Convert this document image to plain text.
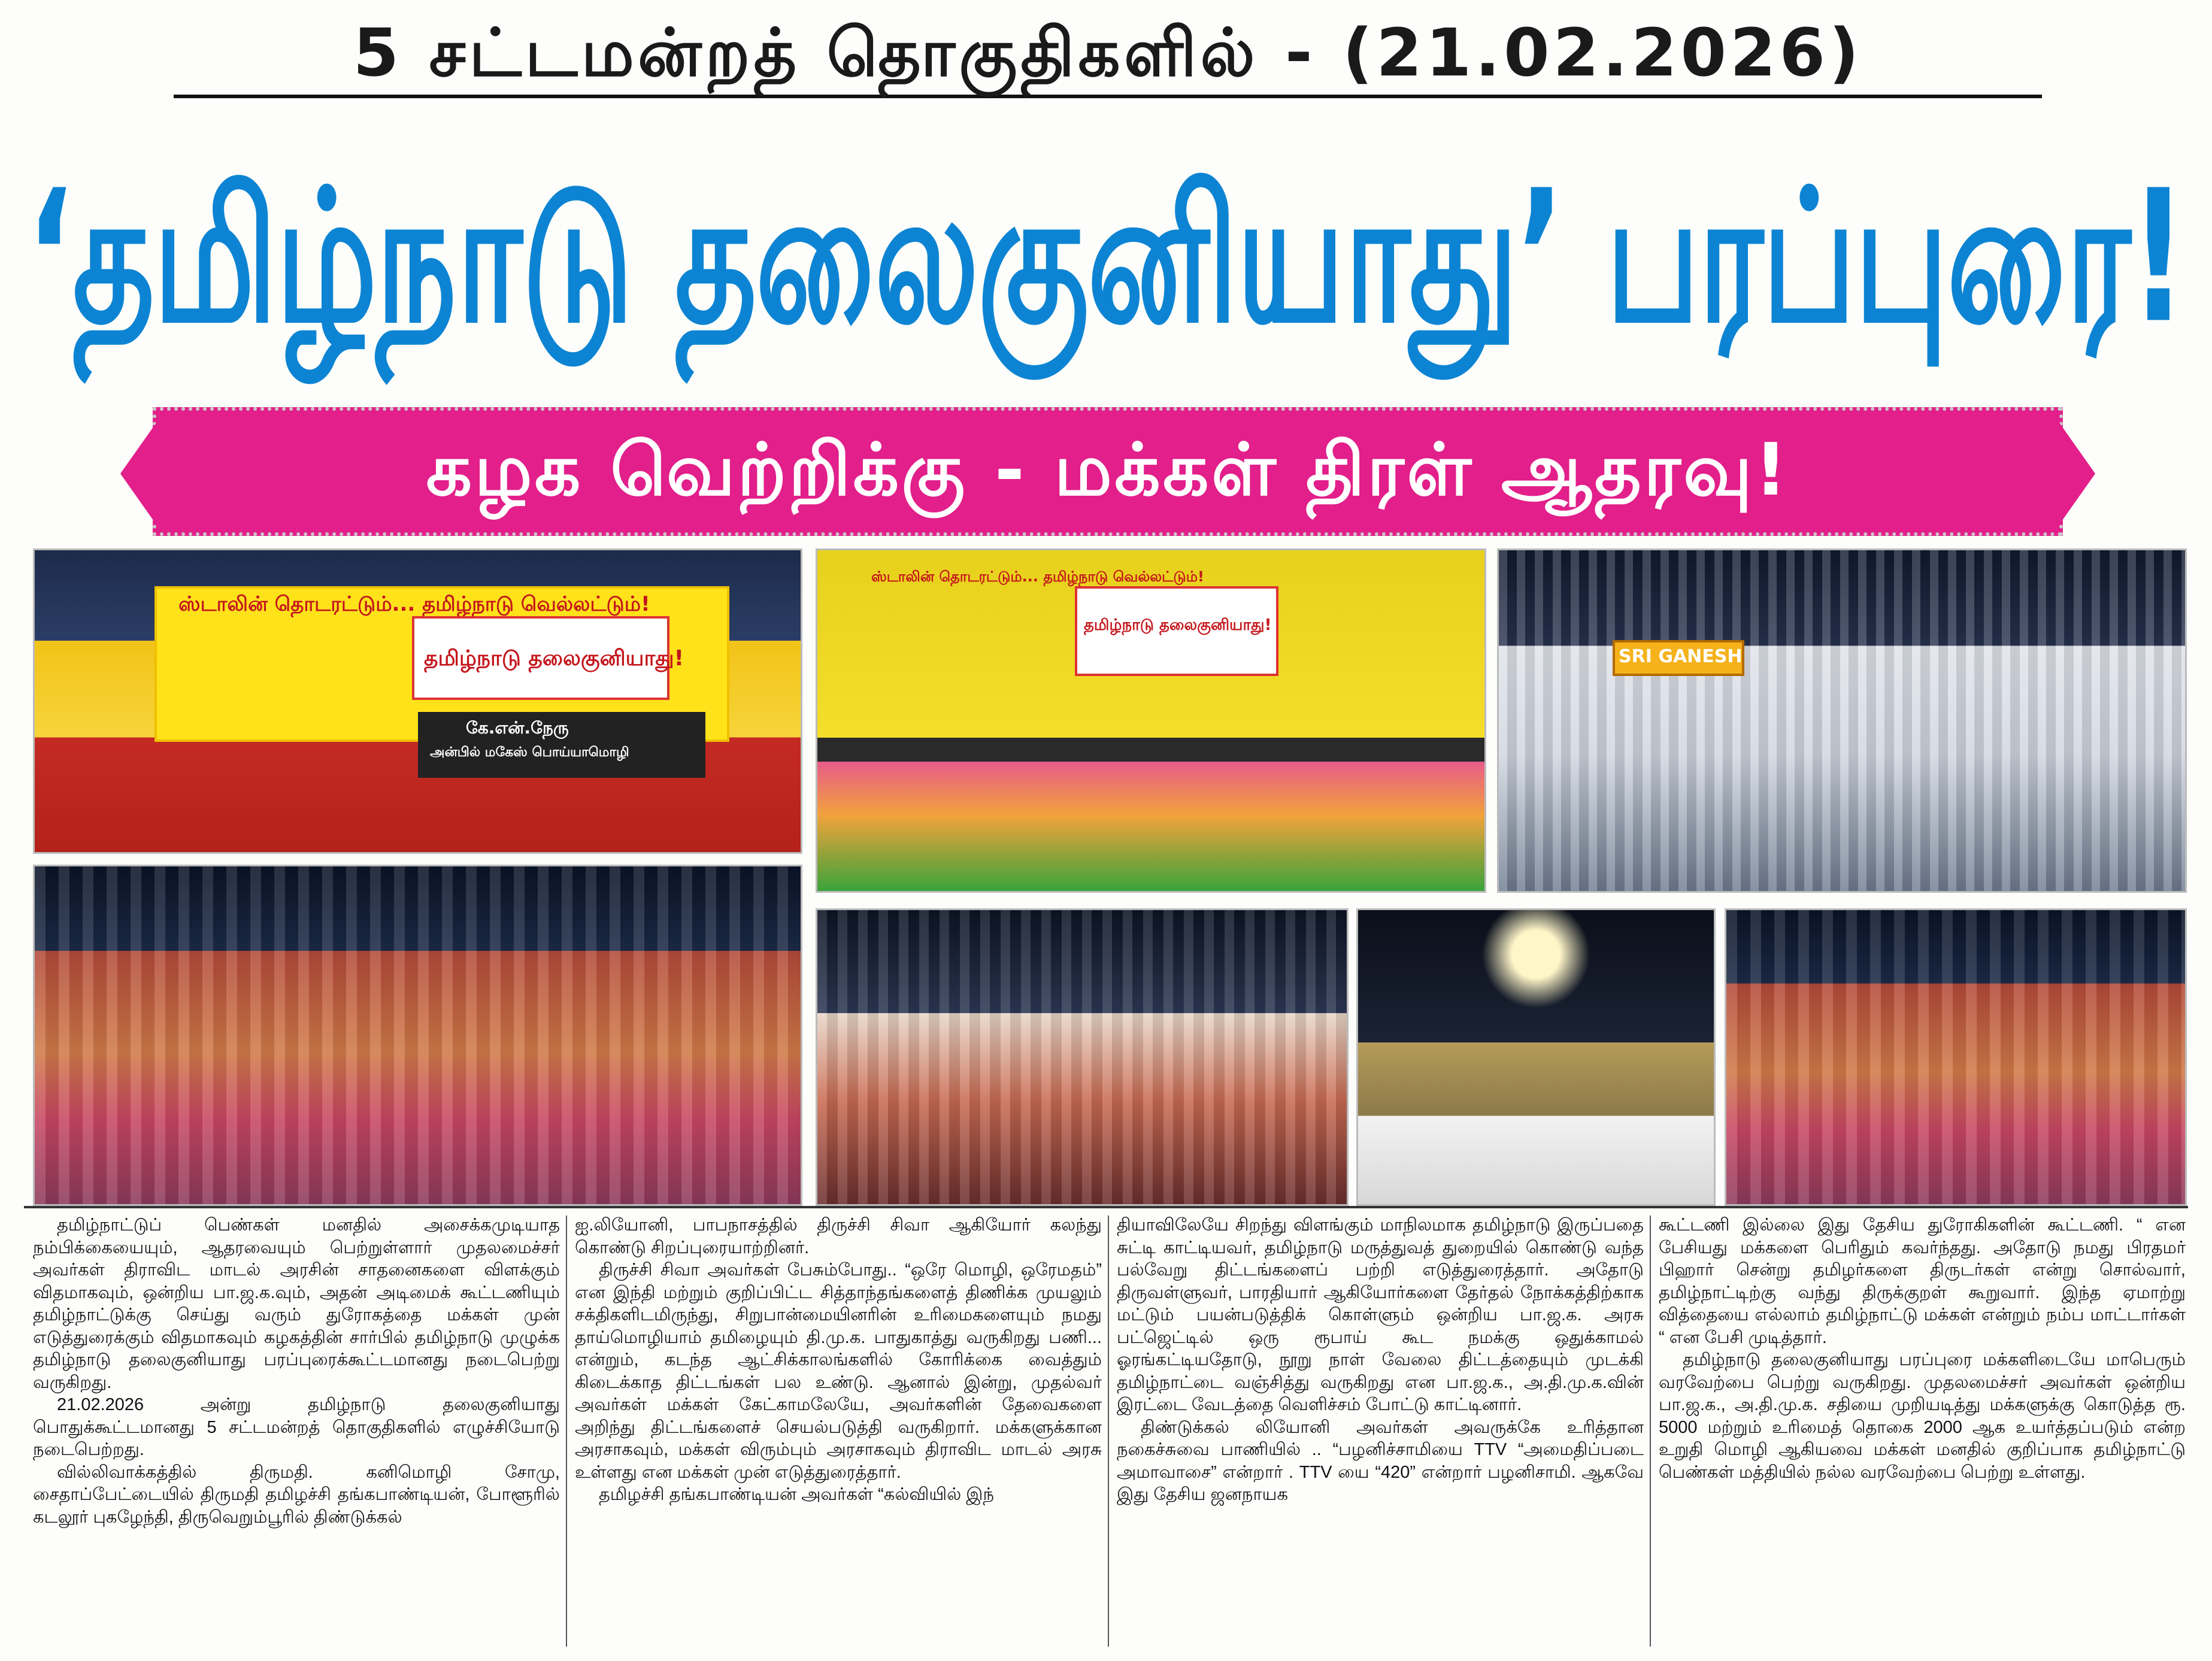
5 சட்டமன்றத் தொகுதிகளில் - (21.02.2026)
‘தமிழ்நாடு தலைகுனியாது’ பரப்புரை!
கழக வெற்றிக்கு - மக்கள் திரள் ஆதரவு!
ஸ்டாலின் தொடரட்டும்... தமிழ்நாடு வெல்லட்டும்!
தமிழ்நாடு தலைகுனியாது!
கே.என்.நேரு
அன்பில் மகேஸ் பொய்யாமொழி
ஸ்டாலின் தொடரட்டும்... தமிழ்நாடு வெல்லட்டும்!
தமிழ்நாடு தலைகுனியாது!
SRI GANESH

தமிழ்நாட்டுப் பெண்கள் மனதில் அசைக்கமுடியாத நம்பிக்கையையும், ஆதரவையும் பெற்றுள்ளார் முதலமைச்சர் அவர்கள் திராவிட மாடல் அரசின் சாதனைகளை விளக்கும் விதமாகவும், ஒன்றிய பா.ஜ.க.வும், அதன் அடிமைக் கூட்டணியும் தமிழ்நாட்டுக்கு செய்து வரும் துரோகத்தை மக்கள் முன் எடுத்துரைக்கும் விதமாகவும் கழகத்தின் சார்பில் தமிழ்நாடு முழுக்க தமிழ்நாடு தலைகுனியாது பரப்புரைக்கூட்டமானது நடைபெற்று வருகிறது.

21.02.2026 அன்று தமிழ்நாடு தலைகுனியாது பொதுக்கூட்டமானது 5 சட்டமன்றத் தொகுதிகளில் எழுச்சியோடு நடைபெற்றது.

வில்லிவாக்கத்தில் திருமதி. கனிமொழி சோமு, சைதாப்பேட்டையில் திருமதி தமிழச்சி தங்கபாண்டியன், போளூரில் கடலூர் புகழேந்தி, திருவெறும்பூரில் திண்டுக்கல்

ஐ.லியோனி, பாபநாசத்தில் திருச்சி சிவா ஆகியோர் கலந்து கொண்டு சிறப்புரையாற்றினர்.

திருச்சி சிவா அவர்கள் பேசும்போது.. “ஒரே மொழி, ஒரேமதம்” என இந்தி மற்றும் குறிப்பிட்ட சித்தாந்தங்களைத் திணிக்க முயலும் சக்திகளிடமிருந்து, சிறுபான்மையினரின் உரிமைகளையும் நமது தாய்மொழியாம் தமிழையும் தி.மு.க. பாதுகாத்து வருகிறது பணி... என்றும், கடந்த ஆட்சிக்காலங்களில் கோரிக்கை வைத்தும் கிடைக்காத திட்டங்கள் பல உண்டு. ஆனால் இன்று, முதல்வர் அவர்கள் மக்கள் கேட்காமலேயே, அவர்களின் தேவைகளை அறிந்து திட்டங்களைச் செயல்படுத்தி வருகிறார். மக்களுக்கான அரசாகவும், மக்கள் விரும்பும் அரசாகவும் திராவிட மாடல் அரசு உள்ளது என மக்கள் முன் எடுத்துரைத்தார்.

தமிழச்சி தங்கபாண்டியன் அவர்கள் “கல்வியில் இந்

தியாவிலேயே சிறந்து விளங்கும் மாநிலமாக தமிழ்நாடு இருப்பதை சுட்டி காட்டியவர், தமிழ்நாடு மருத்துவத் துறையில் கொண்டு வந்த பல்வேறு திட்டங்களைப் பற்றி எடுத்துரைத்தார். அதோடு திருவள்ளுவர், பாரதியார் ஆகியோர்களை தேர்தல் நோக்கத்திற்காக மட்டும் பயன்படுத்திக் கொள்ளும் ஒன்றிய பா.ஜ.க. அரசு பட்ஜெட்டில் ஒரு ரூபாய் கூட நமக்கு ஒதுக்காமல் ஓரங்கட்டியதோடு, நூறு நாள் வேலை திட்டத்தையும் முடக்கி தமிழ்நாட்டை வஞ்சித்து வருகிறது என பா.ஜ.க., அ.தி.மு.க.வின் இரட்டை வேடத்தை வெளிச்சம் போட்டு காட்டினார்.

திண்டுக்கல் லியோனி அவர்கள் அவருக்கே உரித்தான நகைச்சுவை பாணியில் .. “பழனிச்சாமியை TTV “அமைதிப்படை அமாவாசை” என்றார் . TTV யை “420” என்றார் பழனிசாமி. ஆகவே இது தேசிய ஜனநாயக

கூட்டணி இல்லை இது தேசிய துரோகிகளின் கூட்டணி. “ என பேசியது மக்களை பெரிதும் கவர்ந்தது. அதோடு நமது பிரதமர் பிஹார் சென்று தமிழர்களை திருடர்கள் என்று சொல்வார், தமிழ்நாட்டிற்கு வந்து திருக்குறள் கூறுவார். இந்த ஏமாற்று வித்தையை எல்லாம் தமிழ்நாட்டு மக்கள் என்றும் நம்ப மாட்டார்கள் “ என பேசி முடித்தார்.

தமிழ்நாடு தலைகுனியாது பரப்புரை மக்களிடையே மாபெரும் வரவேற்பை பெற்று வருகிறது. முதலமைச்சர் அவர்கள் ஒன்றிய பா.ஜ.க., அ.தி.மு.க. சதியை முறியடித்து மக்களுக்கு கொடுத்த ரூ. 5000 மற்றும் உரிமைத் தொகை 2000 ஆக உயர்த்தப்படும் என்ற உறுதி மொழி ஆகியவை மக்கள் மனதில் குறிப்பாக தமிழ்நாட்டு பெண்கள் மத்தியில் நல்ல வரவேற்பை பெற்று உள்ளது.
